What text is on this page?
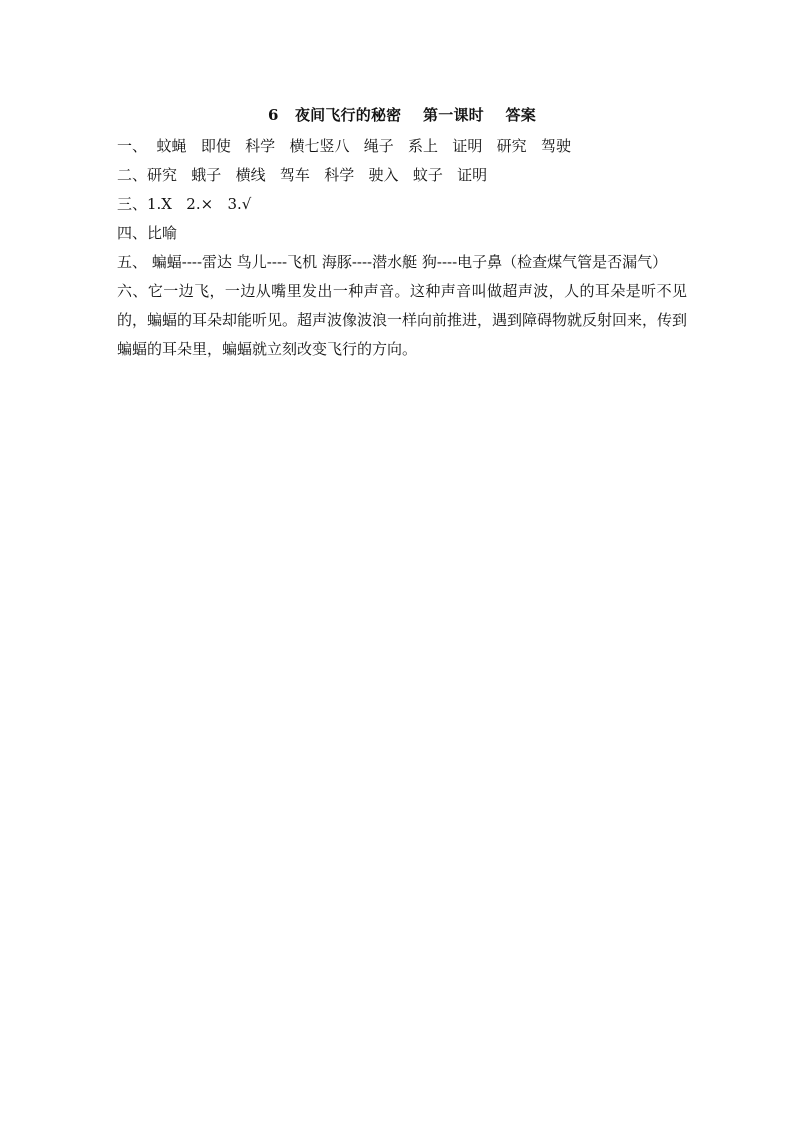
6   夜间飞行的秘密    第一课时    答案

一、  蚊蝇   即使   科学   横七竖八   绳子   系上   证明   研究   驾驶

二、研究   蛾子   横线   驾车   科学   驶入   蚊子   证明

三、1.X   2.×   3.√

四、比喻

五、 蝙蝠----雷达 鸟儿----飞机 海豚----潜水艇 狗----电子鼻（检查煤气管是否漏气）

六、它一边飞，一边从嘴里发出一种声音。这种声音叫做超声波，人的耳朵是听不见的，蝙蝠的耳朵却能听见。超声波像波浪一样向前推进，遇到障碍物就反射回来，传到蝙蝠的耳朵里，蝙蝠就立刻改变飞行的方向。
